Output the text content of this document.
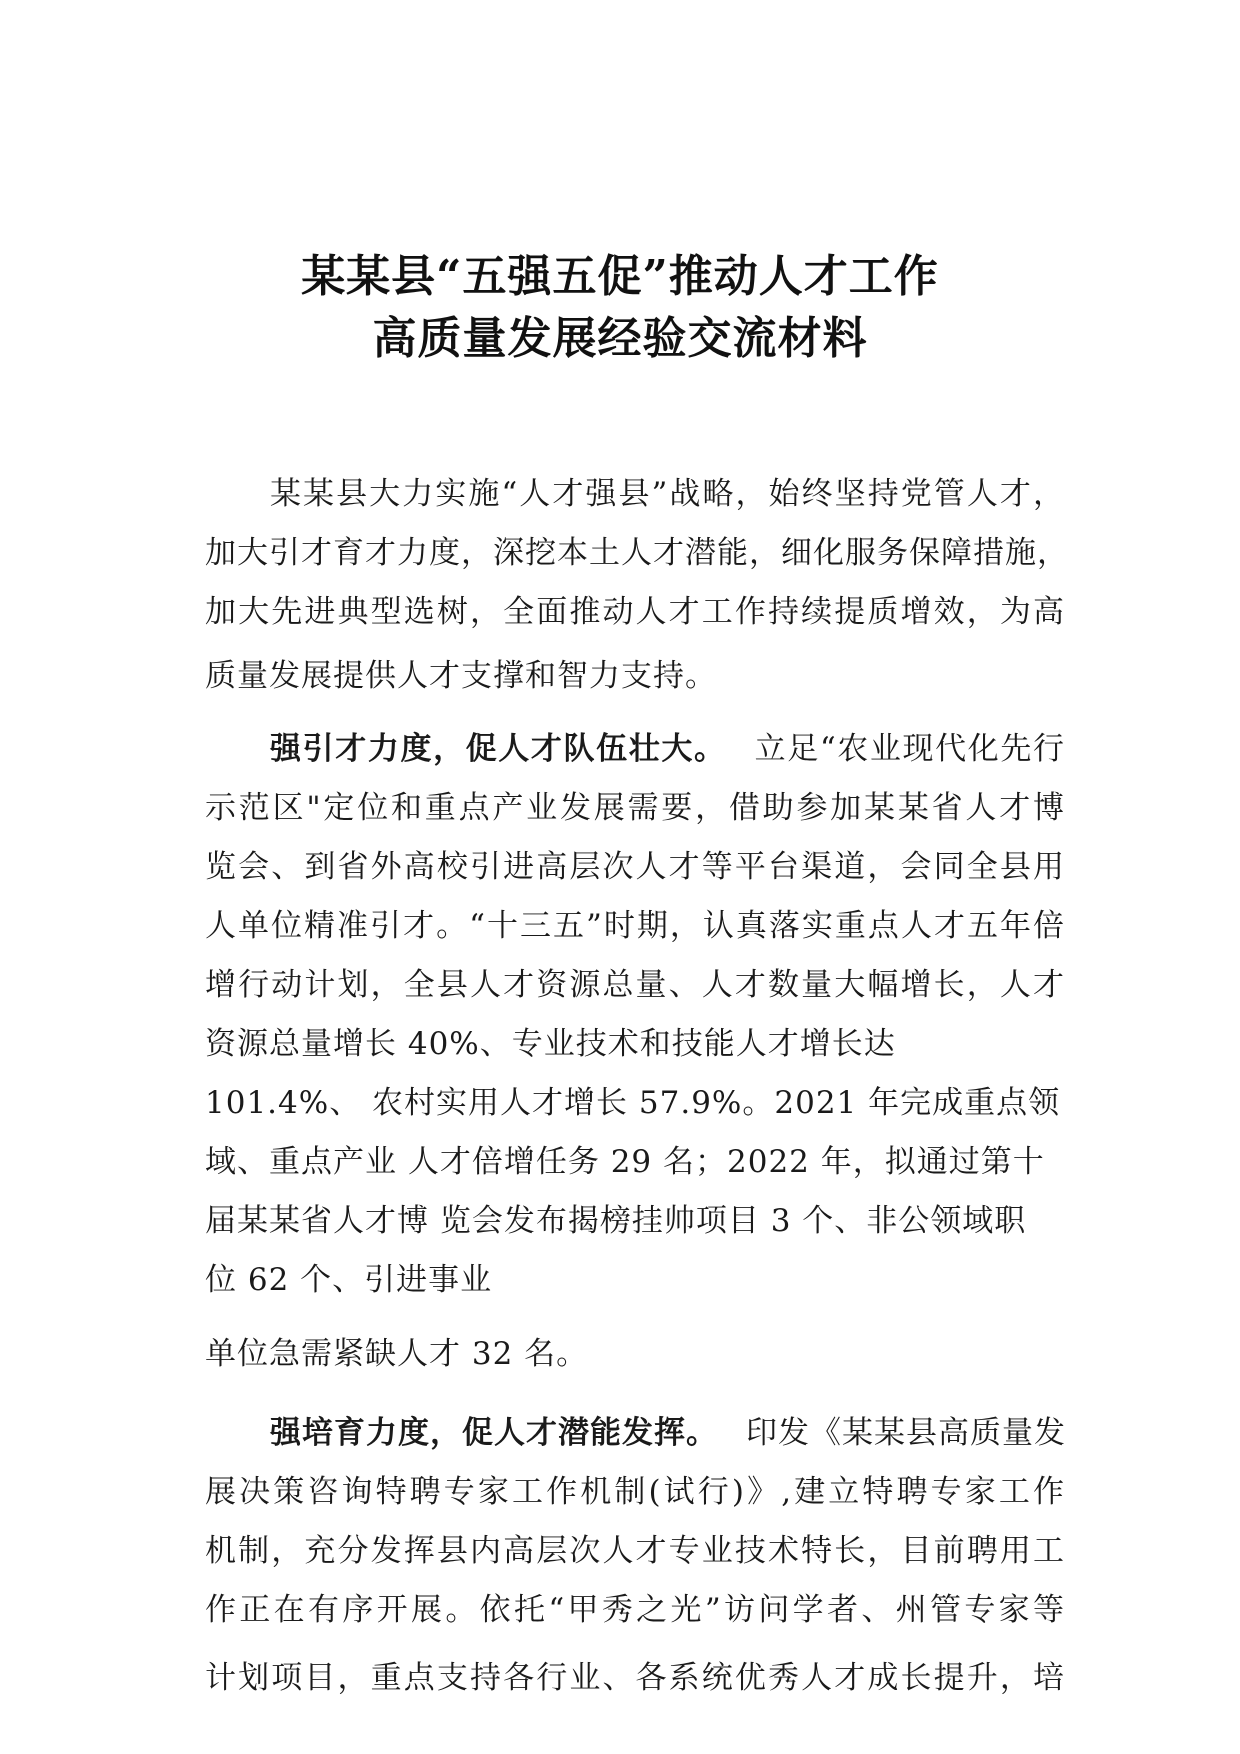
某某县“五强五促”推动人才工作
高质量发展经验交流材料

某某县大力实施“人才强县”战略，始终坚持党管人才，

加大引才育才力度，深挖本土人才潜能，细化服务保障措施，

加大先进典型选树，全面推动人才工作持续提质增效，为高

质量发展提供人才支撑和智力支持。

强引才力度，促人才队伍壮大。 立足“农业现代化先行

示范区"定位和重点产业发展需要，借助参加某某省人才博

览会、到省外高校引进高层次人才等平台渠道，会同全县用

人单位精准引才。“十三五”时期，认真落实重点人才五年倍

增行动计划，全县人才资源总量、人才数量大幅增长，人才

资源总量增长 40%、专业技术和技能人才增长达

101.4%、 农村实用人才增长 57.9%。2021 年完成重点领

域、重点产业 人才倍增任务 29 名；2022 年，拟通过第十

届某某省人才博 览会发布揭榜挂帅项目 3 个、非公领域职

位 62 个、引进事业

单位急需紧缺人才 32 名。

强培育力度，促人才潜能发挥。 印发《某某县高质量发

展决策咨询特聘专家工作机制(试行)》,建立特聘专家工作

机制，充分发挥县内高层次人才专业技术特长，目前聘用工

作正在有序开展。依托“甲秀之光”访问学者、州管专家等

计划项目，重点支持各行业、各系统优秀人才成长提升，培
